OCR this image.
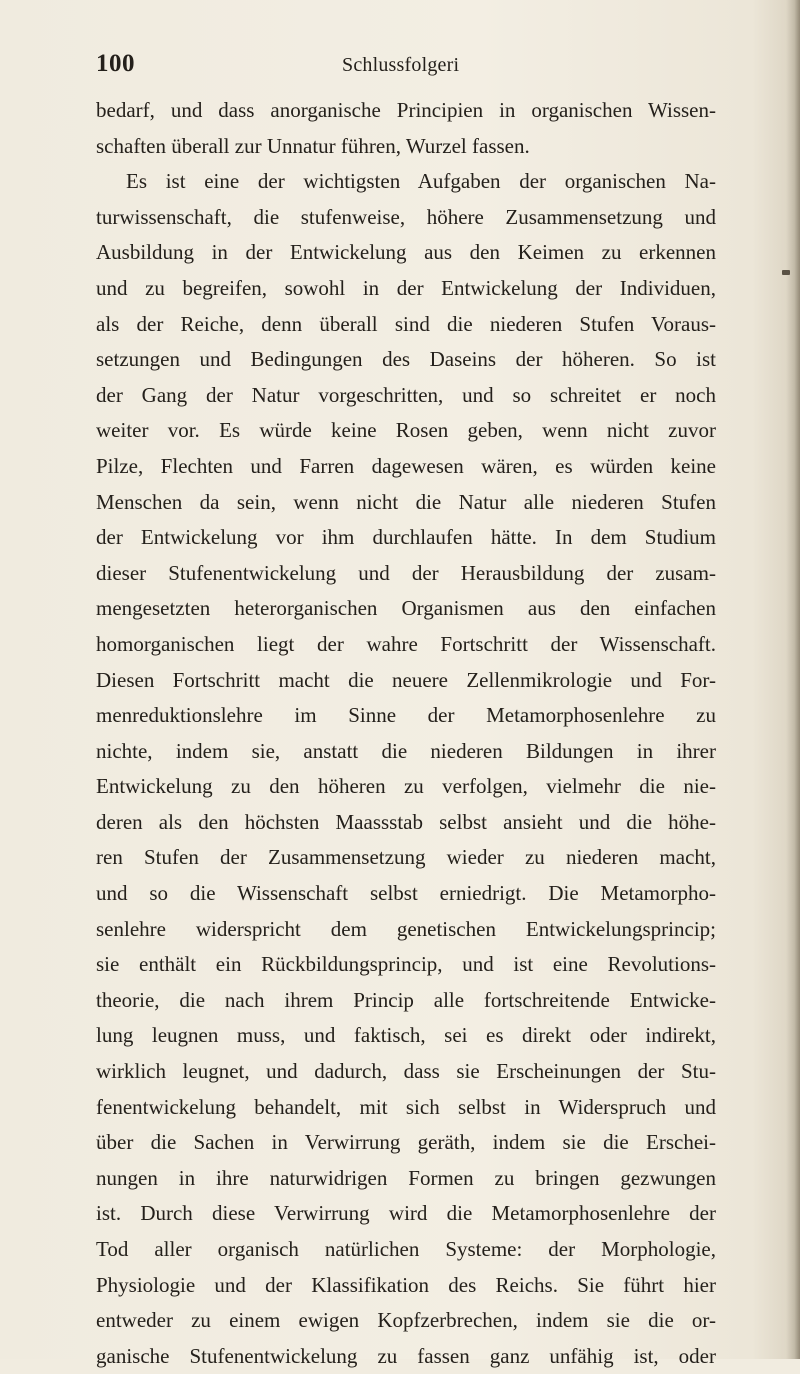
100	Schlussfolgeri
bedarf, und dass anorganische Principien in organischen Wissen-
schaften überall zur Unnatur führen, Wurzel fassen.
Es ist eine der wichtigsten Aufgaben der organischen Na-
turwissenschaft, die stufenweise, höhere Zusammensetzung und
Ausbildung in der Entwickelung aus den Keimen zu erkennen
und zu begreifen, sowohl in der Entwickelung der Individuen,
als der Reiche, denn überall sind die niederen Stufen Voraus-
setzungen und Bedingungen des Daseins der höheren. So ist
der Gang der Natur vorgeschritten, und so schreitet er noch
weiter vor. Es würde keine Rosen geben, wenn nicht zuvor
Pilze, Flechten und Farren dagewesen wären, es würden keine
Menschen da sein, wenn nicht die Natur alle niederen Stufen
der Entwickelung vor ihm durchlaufen hätte. In dem Studium
dieser Stufenentwickelung und der Herausbildung der zusam-
mengesetzten heterorganischen Organismen aus den einfachen
homorganischen liegt der wahre Fortschritt der Wissenschaft.
Diesen Fortschritt macht die neuere Zellenmikrologie und For-
menreduktionslehre im Sinne der Metamorphosenlehre zu
nichte, indem sie, anstatt die niederen Bildungen in ihrer
Entwickelung zu den höheren zu verfolgen, vielmehr die nie-
deren als den höchsten Maassstab selbst ansieht und die höhe-
ren Stufen der Zusammensetzung wieder zu niederen macht,
und so die Wissenschaft selbst erniedrigt. Die Metamorpho-
senlehre widerspricht dem genetischen Entwickelungsprincip;
sie enthält ein Rückbildungsprincip, und ist eine Revolutions-
theorie, die nach ihrem Princip alle fortschreitende Entwicke-
lung leugnen muss, und faktisch, sei es direkt oder indirekt,
wirklich leugnet, und dadurch, dass sie Erscheinungen der Stu-
fenentwickelung behandelt, mit sich selbst in Widerspruch und
über die Sachen in Verwirrung geräth, indem sie die Erschei-
nungen in ihre naturwidrigen Formen zu bringen gezwungen
ist. Durch diese Verwirrung wird die Metamorphosenlehre der
Tod aller organisch natürlichen Systeme: der Morphologie,
Physiologie und der Klassifikation des Reichs. Sie führt hier
entweder zu einem ewigen Kopfzerbrechen, indem sie die or-
ganische Stufenentwickelung zu fassen ganz unfähig ist, oder
